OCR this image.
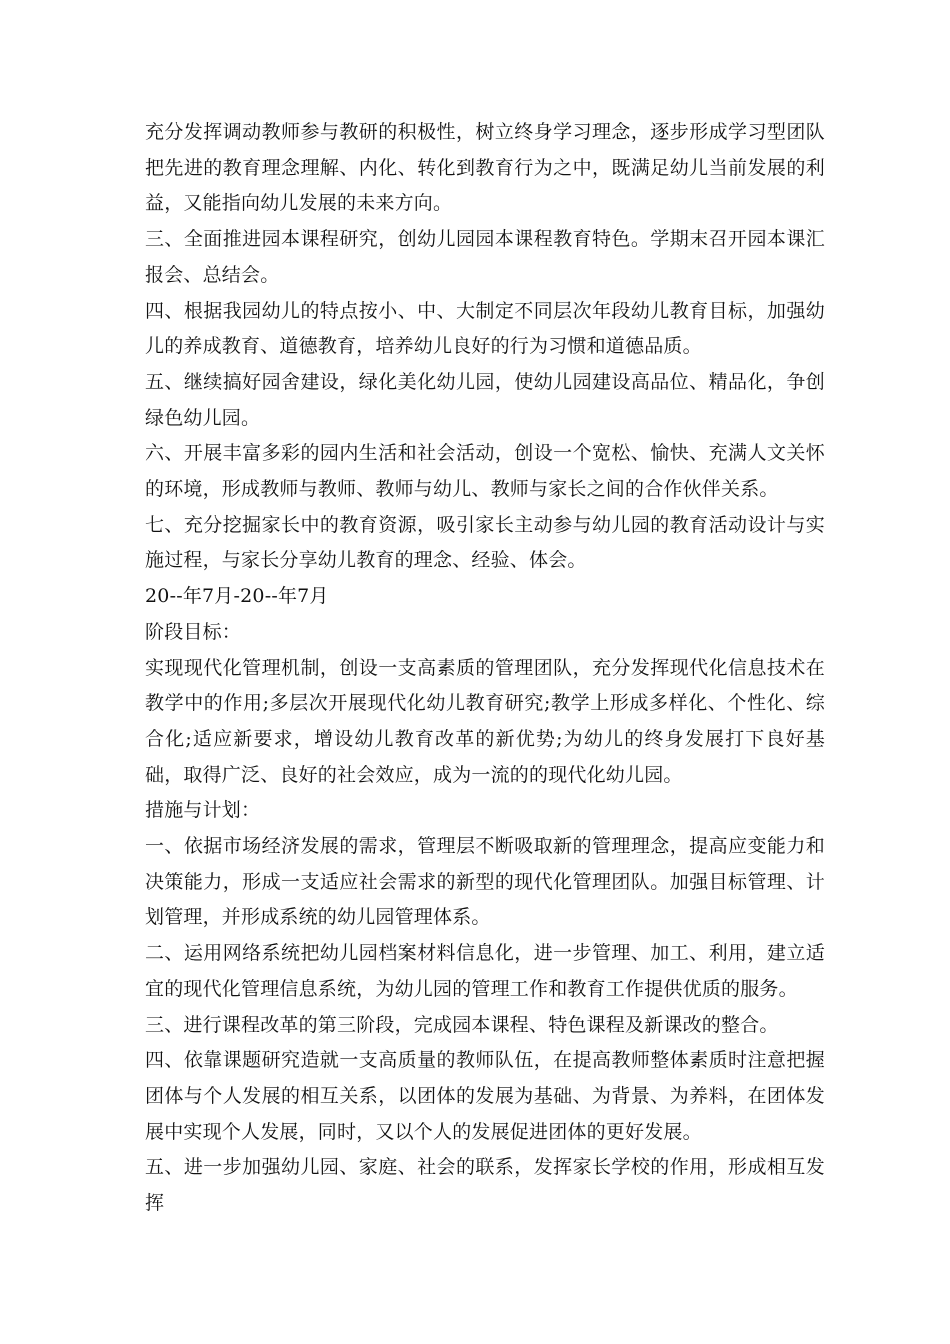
充分发挥调动教师参与教研的积极性，树立终身学习理念，逐步形成学习型团队把先进的教育理念理解、内化、转化到教育行为之中，既满足幼儿当前发展的利益，又能指向幼儿发展的未来方向。

三、全面推进园本课程研究，创幼儿园园本课程教育特色。学期末召开园本课汇报会、总结会。

四、根据我园幼儿的特点按小、中、大制定不同层次年段幼儿教育目标，加强幼儿的养成教育、道德教育，培养幼儿良好的行为习惯和道德品质。

五、继续搞好园舍建设，绿化美化幼儿园，使幼儿园建设高品位、精品化，争创绿色幼儿园。

六、开展丰富多彩的园内生活和社会活动，创设一个宽松、愉快、充满人文关怀的环境，形成教师与教师、教师与幼儿、教师与家长之间的合作伙伴关系。

七、充分挖掘家长中的教育资源，吸引家长主动参与幼儿园的教育活动设计与实施过程，与家长分享幼儿教育的理念、经验、体会。

20--年7月-20--年7月

阶段目标：

实现现代化管理机制，创设一支高素质的管理团队，充分发挥现代化信息技术在教学中的作用;多层次开展现代化幼儿教育研究;教学上形成多样化、个性化、综合化;适应新要求，增设幼儿教育改革的新优势;为幼儿的终身发展打下良好基础，取得广泛、良好的社会效应，成为一流的的现代化幼儿园。

措施与计划：

一、依据市场经济发展的需求，管理层不断吸取新的管理理念，提高应变能力和决策能力，形成一支适应社会需求的新型的现代化管理团队。加强目标管理、计划管理，并形成系统的幼儿园管理体系。

二、运用网络系统把幼儿园档案材料信息化，进一步管理、加工、利用，建立适宜的现代化管理信息系统，为幼儿园的管理工作和教育工作提供优质的服务。

三、进行课程改革的第三阶段，完成园本课程、特色课程及新课改的整合。

四、依靠课题研究造就一支高质量的教师队伍，在提高教师整体素质时注意把握团体与个人发展的相互关系，以团体的发展为基础、为背景、为养料，在团体发展中实现个人发展，同时，又以个人的发展促进团体的更好发展。

五、进一步加强幼儿园、家庭、社会的联系，发挥家长学校的作用，形成相互发挥
